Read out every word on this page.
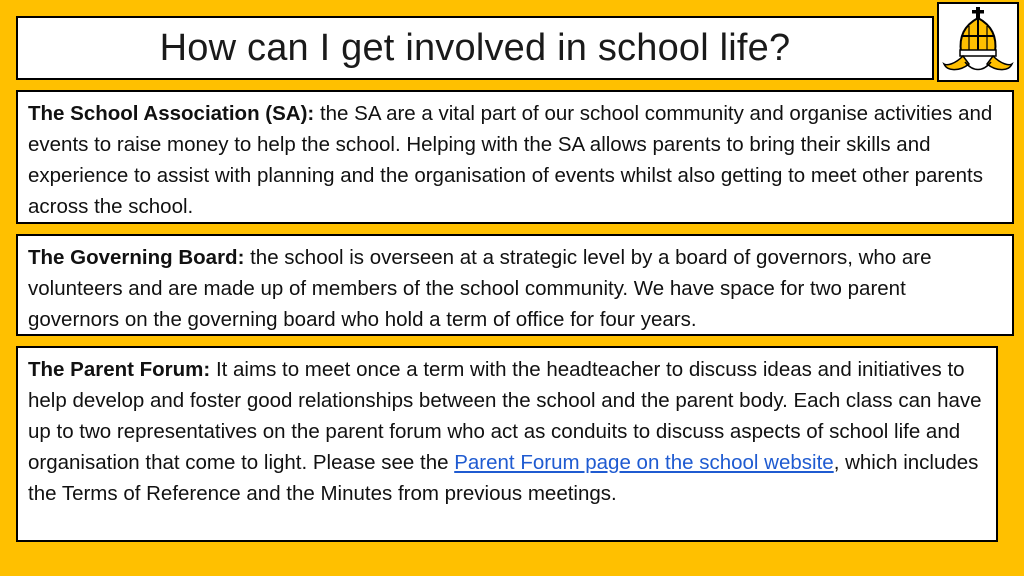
How can I get involved in school life?

The School Association (SA): the SA are a vital part of our school community and organise activities and events to raise money to help the school. Helping with the SA allows parents to bring their skills and experience to assist with planning and the organisation of events whilst also getting to meet other parents across the school.

The Governing Board: the school is overseen at a strategic level by a board of governors, who are volunteers and are made up of members of the school community. We have space for two parent governors on the governing board who hold a term of office for four years.

The Parent Forum: It aims to meet once a term with the headteacher to discuss ideas and initiatives to help develop and foster good relationships between the school and the parent body. Each class can have up to two representatives on the parent forum who act as conduits to discuss aspects of school life and organisation that come to light. Please see the Parent Forum page on the school website, which includes the Terms of Reference and the Minutes from previous meetings.
